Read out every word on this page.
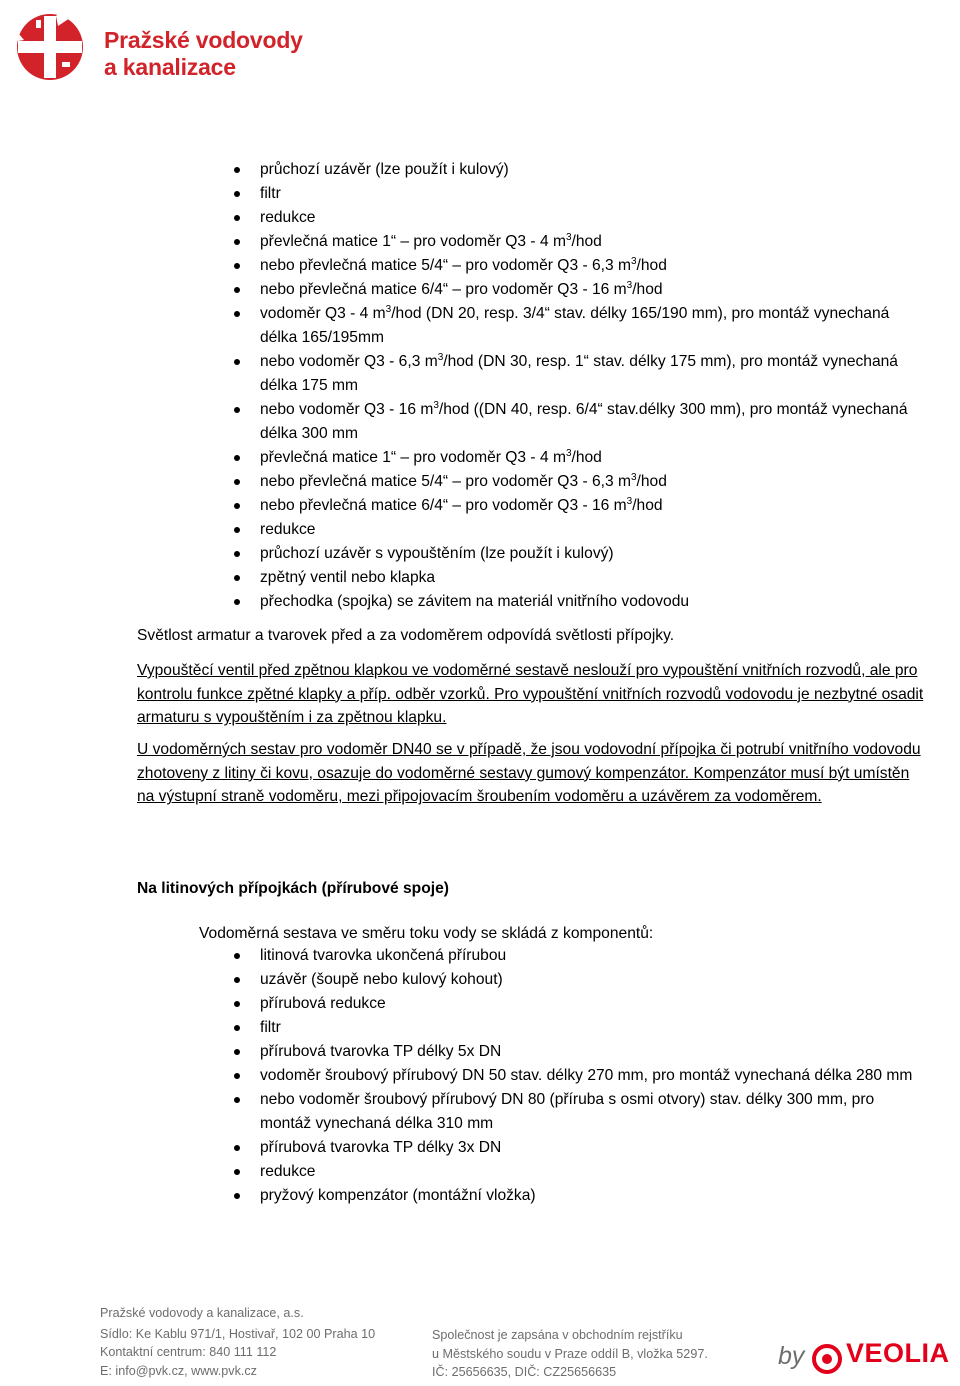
Pražské vodovody
a kanalizace
průchozí uzávěr (lze použít i kulový)
filtr
redukce
převlečná matice 1“ – pro vodoměr Q3 - 4 $m^3$/hod
nebo převlečná matice 5/4“ – pro vodoměr Q3 - 6,3 $m^3$/hod
nebo převlečná matice 6/4“ – pro vodoměr Q3 - 16 $m^3$/hod
vodoměr Q3 - 4 $m^3$/hod (DN 20, resp. 3/4“ stav. délky 165/190 mm), pro montáž vynechaná délka 165/195mm
nebo vodoměr Q3 - 6,3 $m^3$/hod (DN 30, resp. 1“ stav. délky 175 mm), pro montáž vynechaná délka 175 mm
nebo vodoměr Q3 - 16 $m^3$/hod ((DN 40, resp. 6/4“ stav.délky 300 mm), pro montáž vynechaná délka 300 mm
převlečná matice 1“ – pro vodoměr Q3 - 4 $m^3$/hod
nebo převlečná matice 5/4“ – pro vodoměr Q3 - 6,3 $m^3$/hod
nebo převlečná matice 6/4“ – pro vodoměr Q3 - 16 $m^3$/hod
redukce
průchozí uzávěr s vypouštěním (lze použít i kulový)
zpětný ventil nebo klapka
přechodka (spojka) se závitem na materiál vnitřního vodovodu

Světlost armatur a tvarovek před a za vodoměrem odpovídá světlosti přípojky.

Vypouštěcí ventil před zpětnou klapkou ve vodoměrné sestavě neslouží pro vypouštění vnitřních rozvodů, ale pro kontrolu funkce zpětné klapky a příp. odběr vzorků. Pro vypouštění vnitřních rozvodů vodovodu je nezbytné osadit armaturu s vypouštěním i za zpětnou klapku.

U vodoměrných sestav pro vodoměr DN40 se v případě, že jsou vodovodní přípojka či potrubí vnitřního vodovodu zhotoveny z litiny či kovu, osazuje do vodoměrné sestavy gumový kompenzátor. Kompenzátor musí být umístěn na výstupní straně vodoměru, mezi připojovacím šroubením vodoměru a uzávěrem za vodoměrem.

Na litinových přípojkách (přírubové spoje)

Vodoměrná sestava ve směru toku vody se skládá z komponentů:

litinová tvarovka ukončená přírubou
uzávěr (šoupě nebo kulový kohout)
přírubová redukce
filtr
přírubová tvarovka TP délky 5x DN
vodoměr šroubový přírubový DN 50 stav. délky 270 mm, pro montáž vynechaná délka 280 mm
nebo vodoměr šroubový přírubový DN 80 (příruba s osmi otvory) stav. délky 300 mm, pro montáž vynechaná délka 310 mm
přírubová tvarovka TP délky 3x DN
redukce
pryžový kompenzátor (montážní vložka)
Pražské vodovody a kanalizace, a.s.
Sídlo: Ke Kablu 971/1, Hostivař, 102 00 Praha 10
Kontaktní centrum: 840 111 112
E: info@pvk.cz, www.pvk.cz
Společnost je zapsána v obchodním rejstříku
u Městského soudu v Praze oddíl B, vložka 5297.
IČ: 25656635, DIČ: CZ25656635
by VEOLIA
